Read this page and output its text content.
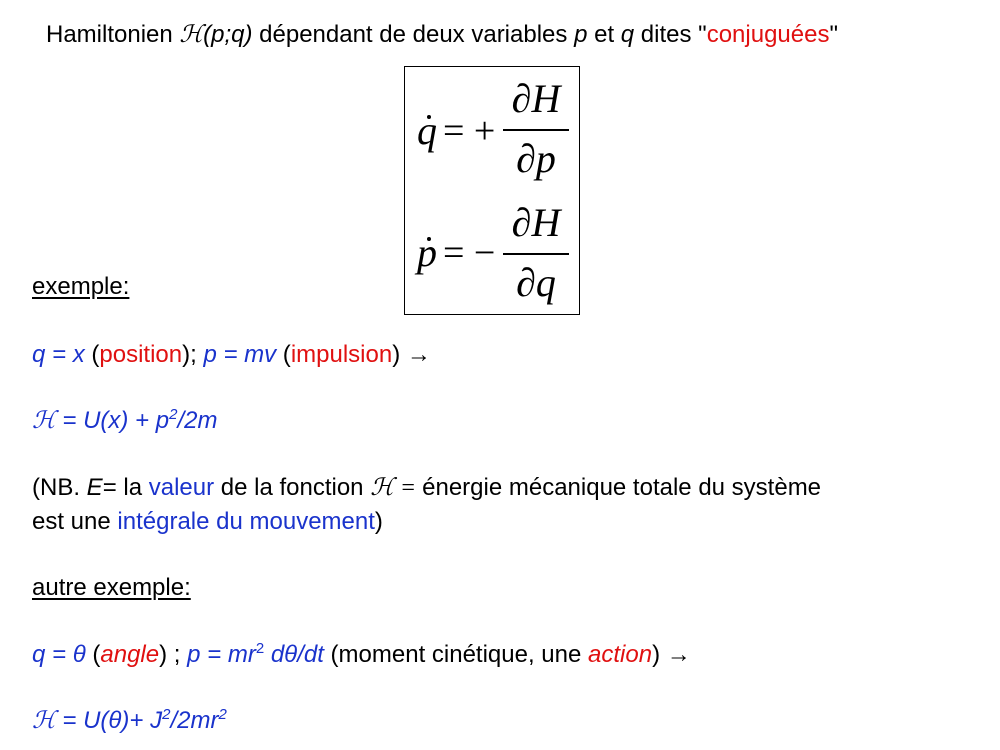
Hamiltonien ℋ(p;q) dépendant de deux variables p et q dites "conjuguées"
q = +
∂H
∂p
p = −
∂H
∂q
exemple:
q = x (position); p = mv (impulsion) →
ℋ = $U(x) + p^2/2m$
(NB. E= la valeur de la fonction ℋ = énergie mécanique totale du système
est une intégrale du mouvement)
autre exemple:
q = θ (angle) ; $p = mr^2$ dθ/dt (moment cinétique, une action) →
ℋ = $U(\theta)+ J^2/2mr^2$
